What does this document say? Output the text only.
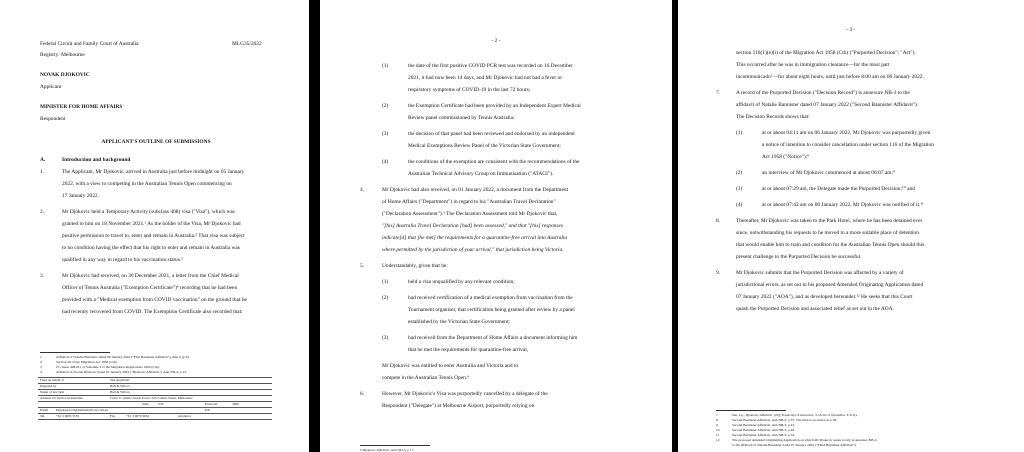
Federal Circuit and Family Court of Australia	MLG35/2022
Registry: Melbourne
NOVAK DJOKOVIC
Applicant
MINISTER FOR HOME AFFAIRS
Respondent
APPLICANT'S OUTLINE OF SUBMISSIONS
A.	Introduction and background
1.	The Applicant, Mr Djokovic, arrived in Australia just before midnight on 05 January
2022, with a view to competing in the Australian Tennis Open commencing on
17 January 2022.
2.	Mr Djokovic held a Temporary Activity (subclass 408) visa ("Visa"), which was
granted to him on 18 November 2021.¹ As the holder of the Visa, Mr Djokovic had
positive permission to travel to, enter and remain in Australia.² That visa was subject
to no condition having the effect that his right to enter and remain in Australia was
qualified in any way in regard to his vaccination status.³
3.	Mr Djokovic had received, on 30 December 2021, a letter from the Chief Medical
Officer of Tennis Australia ("Exemption Certificate")⁴ recording that he had been
provided with a "Medical exemption from COVID vaccination" on the ground that he
had recently recovered from COVID. The Exemption Certificate also recorded that:
1	Affidavit of Natalie Bannister dated 06 January 2022 ("First Bannister Affidavit"), Ann A (p 6).
2	Section 29 of the Migration Act 1958 (Cth).
3	Cf clause 408.611 of Schedule 2 to the Migration Regulations 1994 (Cth).
4	Affidavit of Novak Djokovic dated 07 January 2022 ("Djokovic Affidavit"), Ann ND-4, p 15.
Filed on behalf of	The Applicant
Prepared by	Hall & Wilcox
Name of law firm	Hall & Wilcox
Address for service in Australia	Level 11, Rialto South Tower, 525 Collins Street, Melbourne
State	VIC	Postcode	3000
Email Penelope.ford@hallandwilcox.com.au	DX
Tel	+61 3 9603 3555	Fax	+61 3 9670 9632	Attention
- 2 -
(1)	the date of the first positive COVID PCR test was recorded on 16 December
2021, it had now been 14 days, and Mr Djokovic had not had a fever or
respiratory symptoms of COVID-19 in the last 72 hours;
(2)	the Exemption Certificate had been provided by an Independent Expert Medical
Review panel commissioned by Tennis Australia;
(3)	the decision of that panel had been reviewed and endorsed by an independent
Medical Exemptions Review Panel of the Victorian State Government;
(4)	the conditions of the exemption are consistent with the recommendations of the
Australian Technical Advisory Group on Immunisation ("ATAGI").
4.	Mr Djokovic had also received, on 01 January 2022, a document from the Department
of Home Affairs ("Department") in regard to his "Australian Travel Declaration"
("Declaration Assessment").⁵ The Declaration Assessment told Mr Djokovic that,
"[his] Australia Travel Declaration [had] been assessed," and that "[his] responses
indicate[d] that [he met] the requirements for a quarantine-free arrival into Australia
where permitted by the jurisdiction of your arrival," that jurisdiction being Victoria.
5.	Understandably, given that he:
(1)	held a visa unqualified by any relevant condition;
(2)	had received certification of a medical exemption from vaccination from the
Tournament organiser, that certification being granted after review by a panel
established by the Victorian State Government;
(3)	had received from the Department of Home Affairs a document informing him
that he met the requirements for quarantine-free arrival,
Mr Djokovic was entitled to enter Australia and Victoria and to
compete in the Australian Tennis Open.⁶
6.	However, Mr Djokovic's Visa was purportedly cancelled by a delegate of the
Respondent ("Delegate") at Melbourne Airport, purportedly relying on
5 Djokovic Affidavit, Ann ND-5, p 17.
- 3 -
section 116(1)(e)(i) of the Migration Act 1958 (Cth) ("Purported Decision"; "Act").
This occurred after he was in immigration clearance—for the most part
incommunicado⁷—for about eight hours, until just before 8:00 am on 06 January 2022.
7.	A record of the Purported Decision ("Decision Record") is annexure NB-3 to the
affidavit of Natalie Bannister dated 07 January 2022 ("Second Bannister Affidavit").
The Decision Records shows that:
(1)	at or about 04:11 am on 06 January 2022, Mr Djokovic was purportedly given
a notice of intention to consider cancellation under section 116 of the Migration
Act 1958 ("Notice");⁸
(2)	an interview of Mr Djokovic commenced at about 06:07 am;⁹
(3)	at or about 07:29 am, the Delegate made the Purported Decision;¹⁰ and
(4)	at or about 07:42 am on 06 January 2022, Mr Djokovic was notified of it.¹¹
8.	Thereafter, Mr Djokovic was taken to the Park Hotel, where he has been detained ever
since, notwithstanding his requests to be moved to a more suitable place of detention
that would enable him to train and condition for the Australian Tennis Open should this
present challenge to the Purported Decision be successful.
9.	Mr Djokovic submits that the Purported Decision was affected by a variety of
jurisdictional errors, as set out in his proposed Amended Originating Application dated
07 January 2022 ("AOA"), and as developed hereunder.¹² He seeks that this Court
quash the Purported Decision and associated relief as set out in the AOA.
7	See, e.g., Djokovic Affidavit, [20]; Transcript of interview, T-18.10-11 (hereafter, T-X.X).
8	Second Bannister Affidavit, Ann NB-3, p 37. The time is recorded on p 39.
9	Second Bannister Affidavit, Ann NB-3, p 43.
10	Second Bannister Affidavit, Ann NB-3, p 49.
11	Second Bannister Affidavit, Ann NB-3, p 54.
12	The proposed Amended Originating Application on which Mr Djokovic seeks to rely is annexure NB-4
to the affidavit of Natalie Bannister dated 07 January 2022 ("Third Bannister Affidavit").
